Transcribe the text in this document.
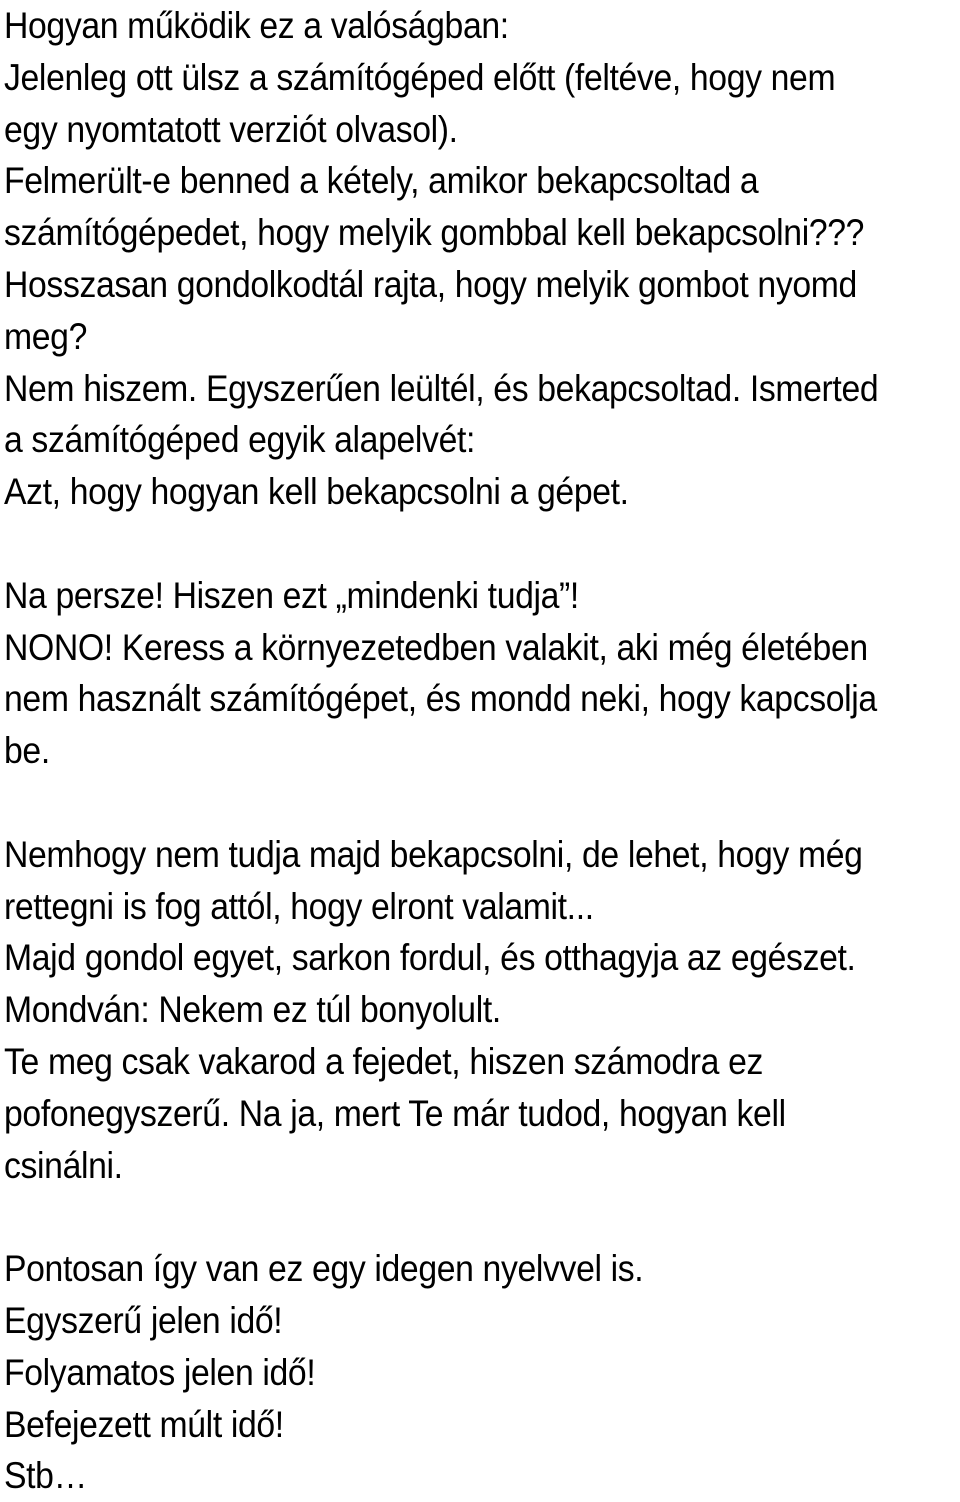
Hogyan működik ez a valóságban:
Jelenleg ott ülsz a számítógéped előtt (feltéve, hogy nem
egy nyomtatott verziót olvasol).
Felmerült-e benned a kétely, amikor bekapcsoltad a
számítógépedet, hogy melyik gombbal kell bekapcsolni???
Hosszasan gondolkodtál rajta, hogy melyik gombot nyomd
meg?
Nem hiszem. Egyszerűen leültél, és bekapcsoltad. Ismerted
a számítógéped egyik alapelvét:
Azt, hogy hogyan kell bekapcsolni a gépet.
Na persze! Hiszen ezt „mindenki tudja”!
NONO! Keress a környezetedben valakit, aki még életében
nem használt számítógépet, és mondd neki, hogy kapcsolja
be.
Nemhogy nem tudja majd bekapcsolni, de lehet, hogy még
rettegni is fog attól, hogy elront valamit...
Majd gondol egyet, sarkon fordul, és otthagyja az egészet.
Mondván: Nekem ez túl bonyolult.
Te meg csak vakarod a fejedet, hiszen számodra ez
pofonegyszerű. Na ja, mert Te már tudod, hogyan kell
csinálni.
Pontosan így van ez egy idegen nyelvvel is.
Egyszerű jelen idő!
Folyamatos jelen idő!
Befejezett múlt idő!
Stb…
